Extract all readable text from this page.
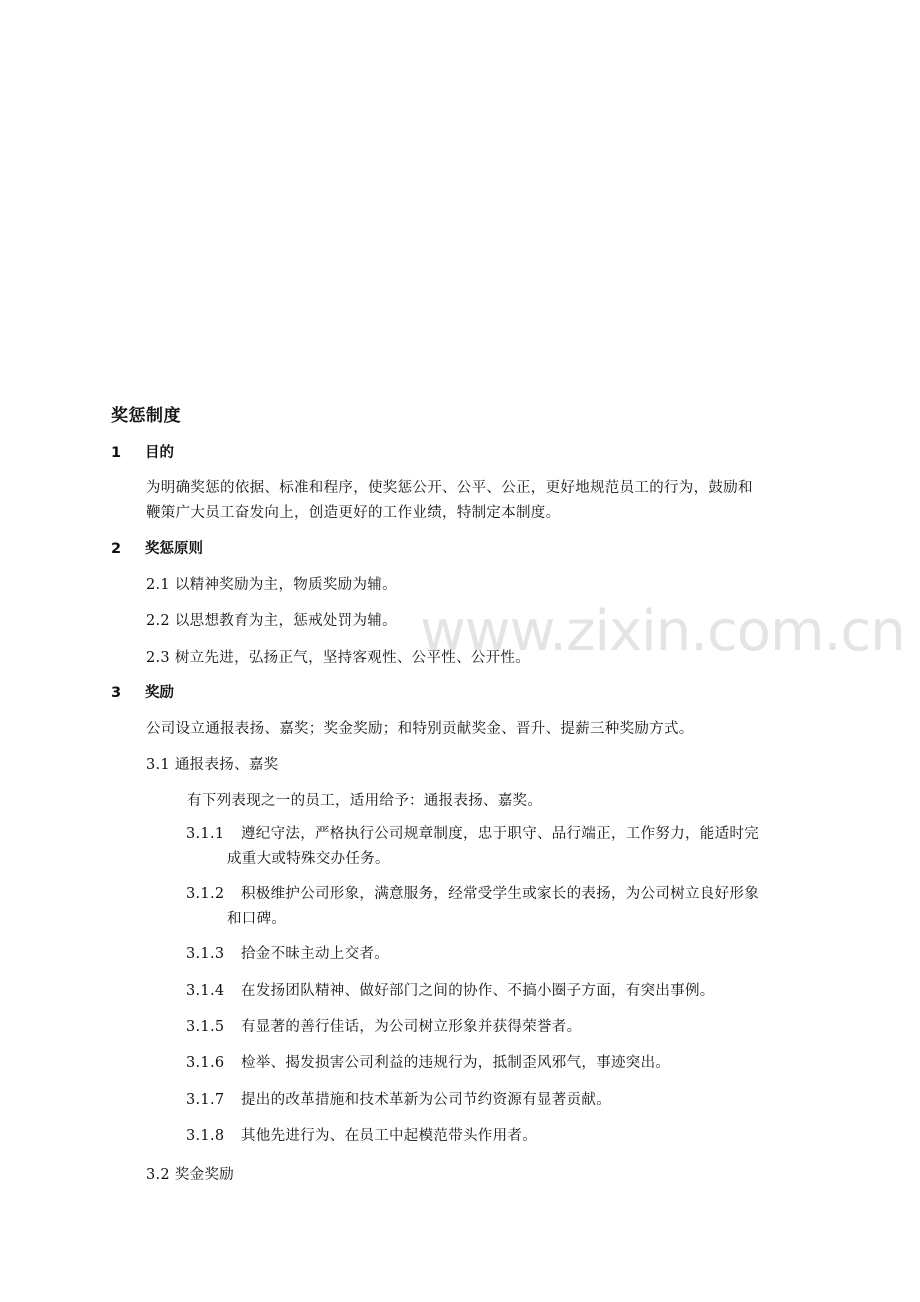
www.zixin.com.cn
奖惩制度
1 目的
为明确奖惩的依据、标准和程序，使奖惩公开、公平、公正，更好地规范员工的行为，鼓励和
鞭策广大员工奋发向上，创造更好的工作业绩，特制定本制度。
2 奖惩原则
2.1 以精神奖励为主，物质奖励为辅。
2.2 以思想教育为主，惩戒处罚为辅。
2.3 树立先进，弘扬正气，坚持客观性、公平性、公开性。
3 奖励
公司设立通报表扬、嘉奖；奖金奖励；和特别贡献奖金、晋升、提薪三种奖励方式。
3.1 通报表扬、嘉奖
有下列表现之一的员工，适用给予：通报表扬、嘉奖。
3.1.1 遵纪守法，严格执行公司规章制度，忠于职守、品行端正，工作努力，能适时完
成重大或特殊交办任务。
3.1.2 积极维护公司形象，满意服务，经常受学生或家长的表扬，为公司树立良好形象
和口碑。
3.1.3 拾金不昧主动上交者。
3.1.4 在发扬团队精神、做好部门之间的协作、不搞小圈子方面，有突出事例。
3.1.5 有显著的善行佳话，为公司树立形象并获得荣誉者。
3.1.6 检举、揭发损害公司利益的违规行为，抵制歪风邪气，事迹突出。
3.1.7 提出的改革措施和技术革新为公司节约资源有显著贡献。
3.1.8 其他先进行为、在员工中起模范带头作用者。
3.2 奖金奖励
